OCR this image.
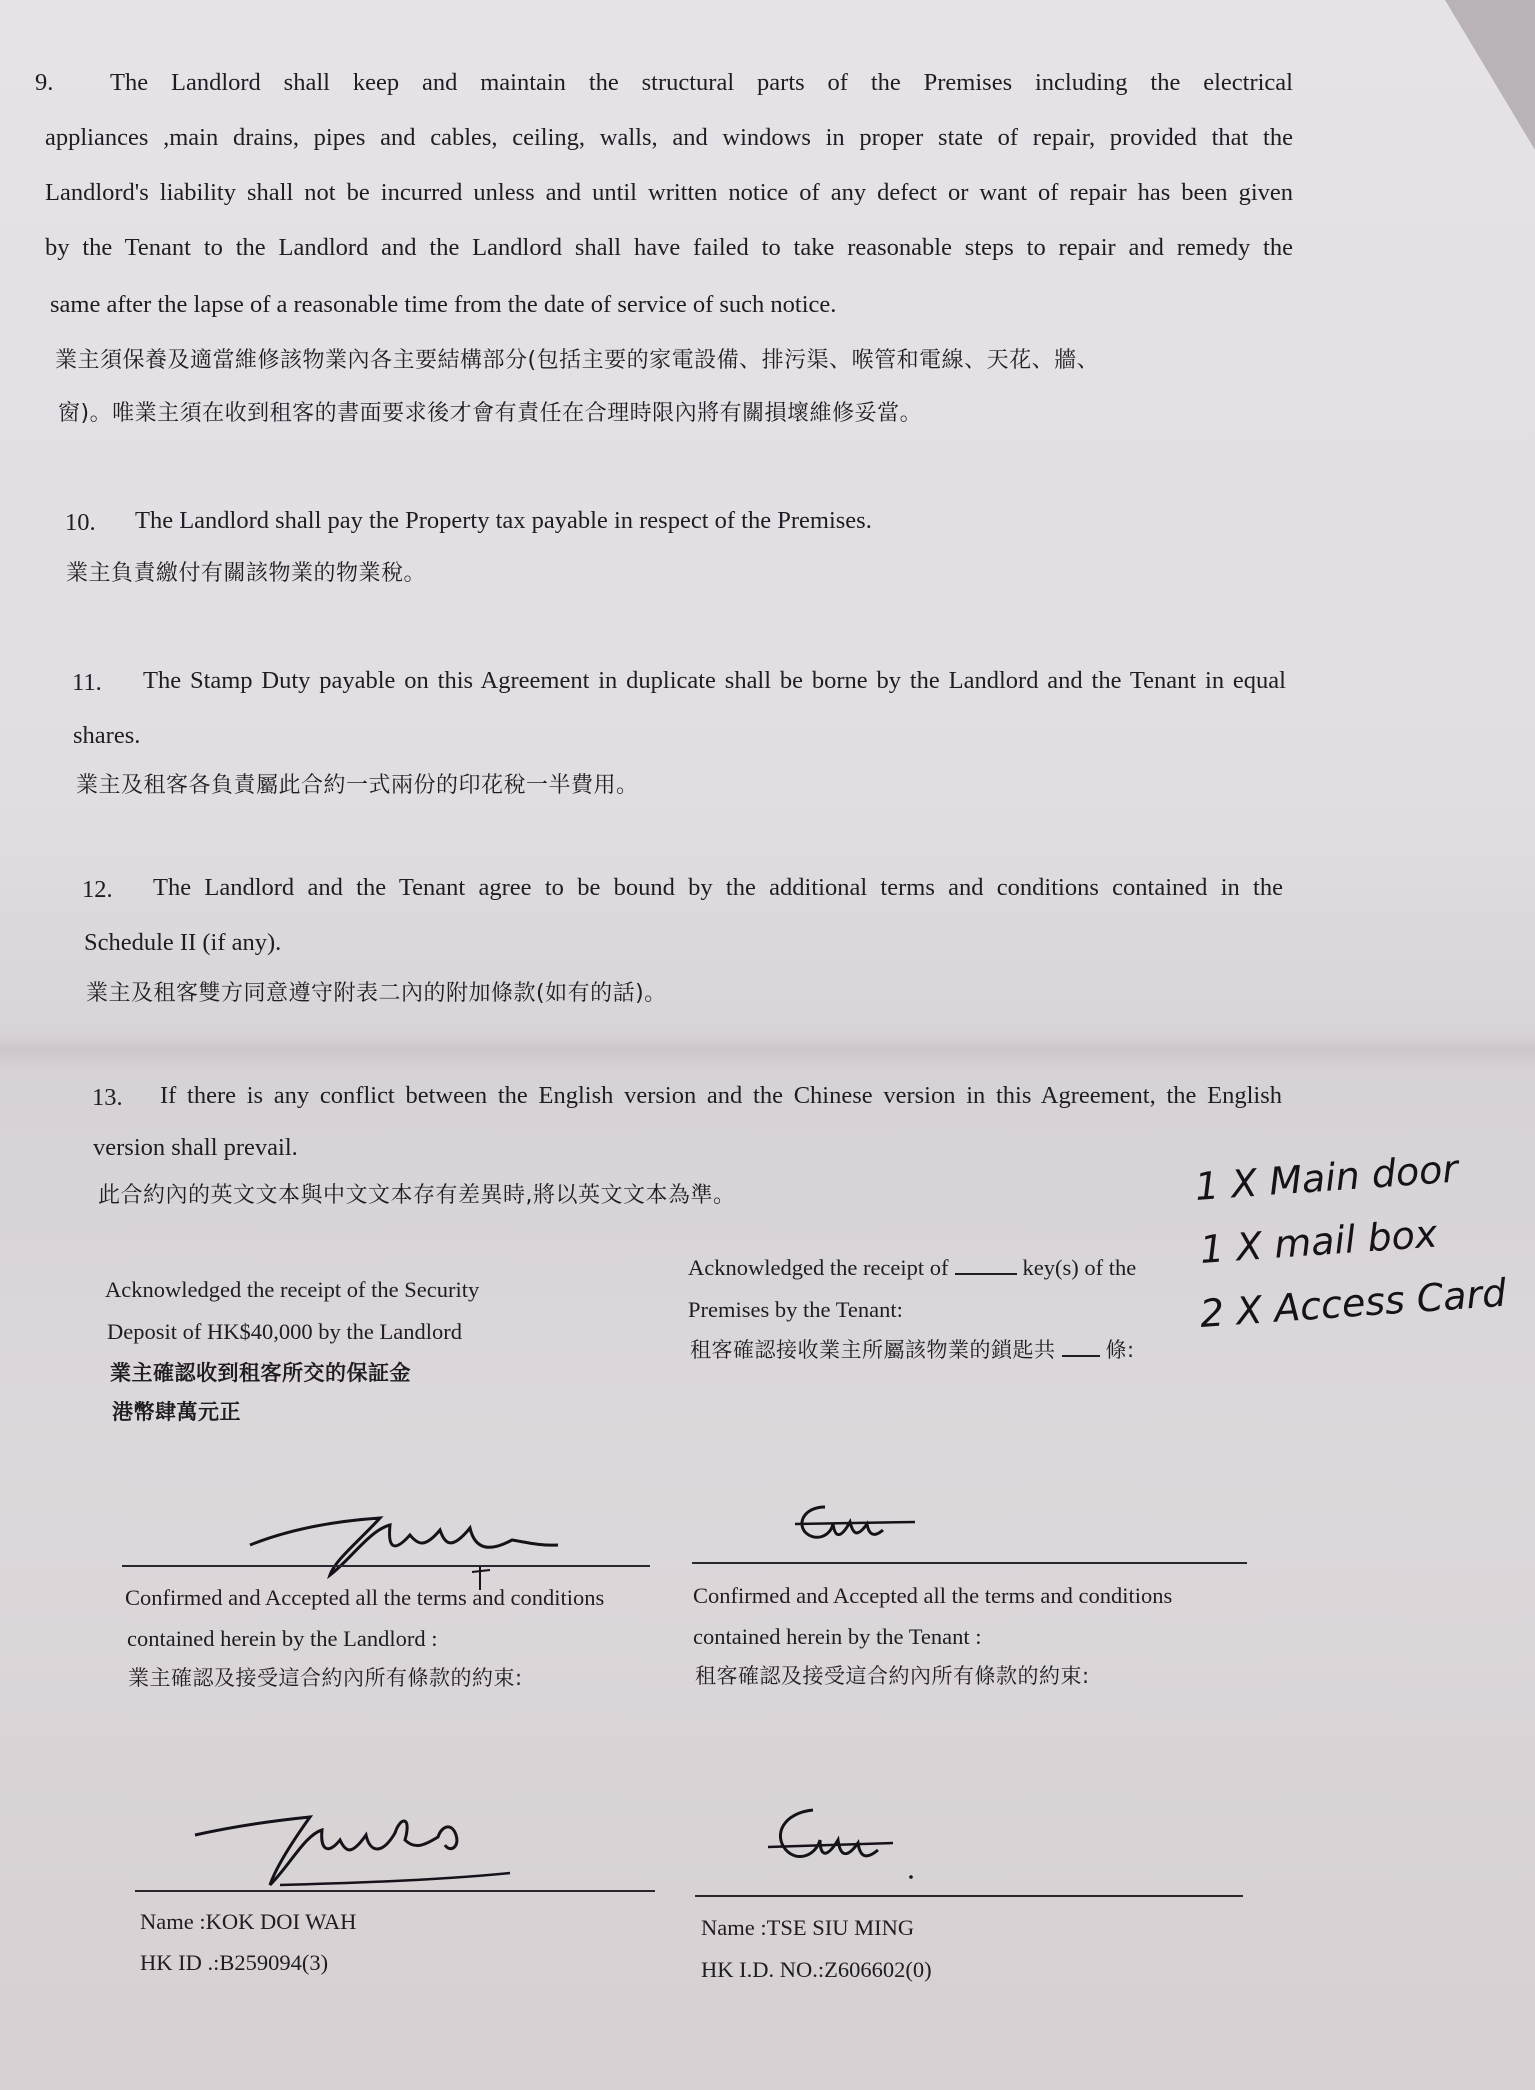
9.	The Landlord shall keep and maintain the structural parts of the Premises including the electrical
appliances ,main drains, pipes and cables, ceiling, walls, and windows in proper state of repair, provided that the
Landlord's liability shall not be incurred unless and until written notice of any defect or want of repair has been given
by the Tenant to the Landlord and the Landlord shall have failed to take reasonable steps to repair and remedy the
same after the lapse of a reasonable time from the date of service of such notice.
業主須保養及適當維修該物業內各主要結構部分(包括主要的家電設備、排污渠、喉管和電線、天花、牆、
窗)。唯業主須在收到租客的書面要求後才會有責任在合理時限內將有關損壞維修妥當。
10.	The Landlord shall pay the Property tax payable in respect of the Premises.
業主負責繳付有關該物業的物業稅。
11.	The Stamp Duty payable on this Agreement in duplicate shall be borne by the Landlord and the Tenant in equal
shares.
業主及租客各負責屬此合約一式兩份的印花稅一半費用。
12.	The Landlord and the Tenant agree to be bound by the additional terms and conditions contained in the
Schedule II (if any).
業主及租客雙方同意遵守附表二內的附加條款(如有的話)。
13.	If there is any conflict between the English version and the Chinese version in this Agreement, the English
version shall prevail.
此合約內的英文文本與中文文本存有差異時,將以英文文本為準。	1 X Main door
1 X mail box
2 X Access Card
Acknowledged the receipt of the Security
Deposit of HK$40,000 by the Landlord
業主確認收到租客所交的保証金
港幣肆萬元正
Acknowledged the receipt of	key(s) of the
Premises by the Tenant:
租客確認接收業主所屬該物業的鎖匙共 條:
Confirmed and Accepted all the terms and conditions
contained herein by the Landlord :
業主確認及接受這合約內所有條款的約束:
Confirmed and Accepted all the terms and conditions
contained herein by the Tenant :
租客確認及接受這合約內所有條款的約束:
Name :KOK DOI WAH
HK ID .:B259094(3)
Name :TSE SIU MING
HK I.D. NO.:Z606602(0)
